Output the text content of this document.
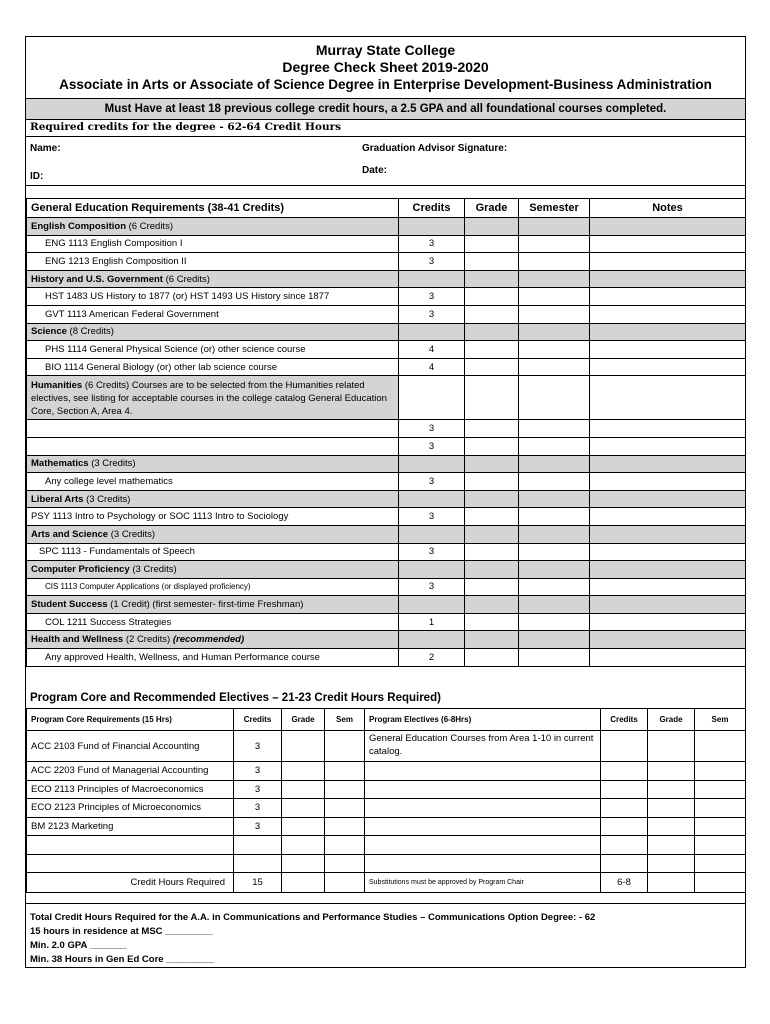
Murray State College
Degree Check Sheet 2019-2020
Associate in Arts or Associate of Science Degree in Enterprise Development-Business Administration
Must Have at least 18 previous college credit hours, a 2.5 GPA and all foundational courses completed.
Required credits for the degree - 62-64 Credit Hours
Name:
ID:
Graduation Advisor Signature:
Date:
General Education Requirements (38-41 Credits)	Credits	Grade	Semester	Notes
English Composition (6 Credits)				
ENG 1113 English Composition I	3			
ENG 1213 English Composition II	3			
History and U.S. Government (6 Credits)				
HST 1483 US History to 1877 (or) HST 1493 US History since 1877	3			
GVT 1113 American Federal Government	3			
Science (8 Credits)				
PHS 1114 General Physical Science (or) other science course	4			
BIO 1114 General Biology (or) other lab science course	4			
Humanities (6 Credits) Courses are to be selected from the Humanities related electives, see listing for acceptable courses in the college catalog General Education Core, Section A, Area 4.				
	3			
	3			
Mathematics (3 Credits)				
Any college level mathematics	3			
Liberal Arts (3 Credits)				
PSY 1113 Intro to Psychology or SOC 1113 Intro to Sociology	3			
Arts and Science (3 Credits)				
SPC 1113 - Fundamentals of Speech	3			
Computer Proficiency (3 Credits)				
CIS 1113 Computer Applications (or displayed proficiency)	3			
Student Success (1 Credit) (first semester- first-time Freshman)				
COL 1211 Success Strategies	1			
Health and Wellness (2 Credits) (recommended)				
Any approved Health, Wellness, and Human Performance course	2			
Program Core and Recommended Electives – 21-23 Credit Hours Required)
Program Core Requirements (15 Hrs)	Credits	Grade	Sem	Program Electives (6-8Hrs)	Credits	Grade	Sem
ACC 2103 Fund of Financial Accounting	3			General Education Courses from Area 1-10 in current catalog.			
ACC 2203 Fund of Managerial Accounting	3						
ECO 2113 Principles of Macroeconomics	3						
ECO 2123 Principles of Microeconomics	3						
BM 2123 Marketing	3						

Credit Hours Required	15			Substitutions must be approved by Program Chair	6-8		
Total Credit Hours Required for the A.A. in Communications and Performance Studies – Communications Option Degree: - 62
15 hours in residence at MSC _________
Min. 2.0 GPA _______
Min. 38 Hours in Gen Ed Core _________
